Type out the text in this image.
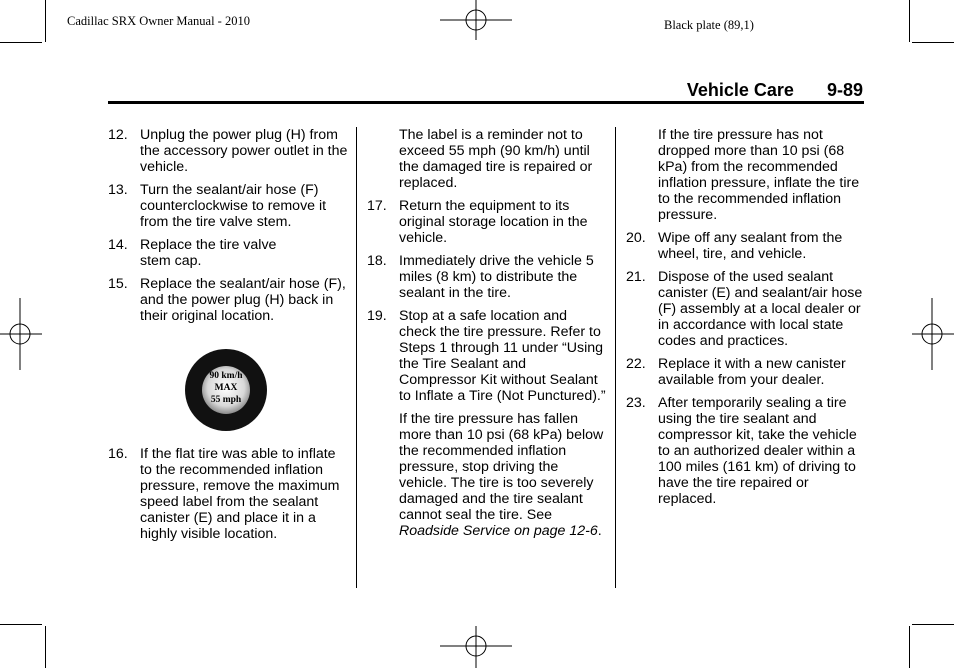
Cadillac SRX Owner Manual - 2010	Black plate (89,1)
Vehicle Care 9-89
12. Unplug the power plug (H) from the accessory power outlet in the vehicle.
13. Turn the sealant/air hose (F) counterclockwise to remove it from the tire valve stem.
14. Replace the tire valve stem cap.
15. Replace the sealant/air hose (F), and the power plug (H) back in their original location.
90 km/h
MAX
55 mph
16. If the flat tire was able to inflate to the recommended inflation pressure, remove the maximum speed label from the sealant canister (E) and place it in a highly visible location.
The label is a reminder not to exceed 55 mph (90 km/h) until the damaged tire is repaired or replaced.
17. Return the equipment to its original storage location in the vehicle.
18. Immediately drive the vehicle 5 miles (8 km) to distribute the sealant in the tire.
19. Stop at a safe location and check the tire pressure. Refer to Steps 1 through 11 under “Using the Tire Sealant and Compressor Kit without Sealant to Inflate a Tire (Not Punctured).”
If the tire pressure has fallen more than 10 psi (68 kPa) below the recommended inflation pressure, stop driving the vehicle. The tire is too severely damaged and the tire sealant cannot seal the tire. See Roadside Service on page 12‑6.
If the tire pressure has not dropped more than 10 psi (68 kPa) from the recommended inflation pressure, inflate the tire to the recommended inflation pressure.
20. Wipe off any sealant from the wheel, tire, and vehicle.
21. Dispose of the used sealant canister (E) and sealant/air hose (F) assembly at a local dealer or in accordance with local state codes and practices.
22. Replace it with a new canister available from your dealer.
23. After temporarily sealing a tire using the tire sealant and compressor kit, take the vehicle to an authorized dealer within a 100 miles (161 km) of driving to have the tire repaired or replaced.
